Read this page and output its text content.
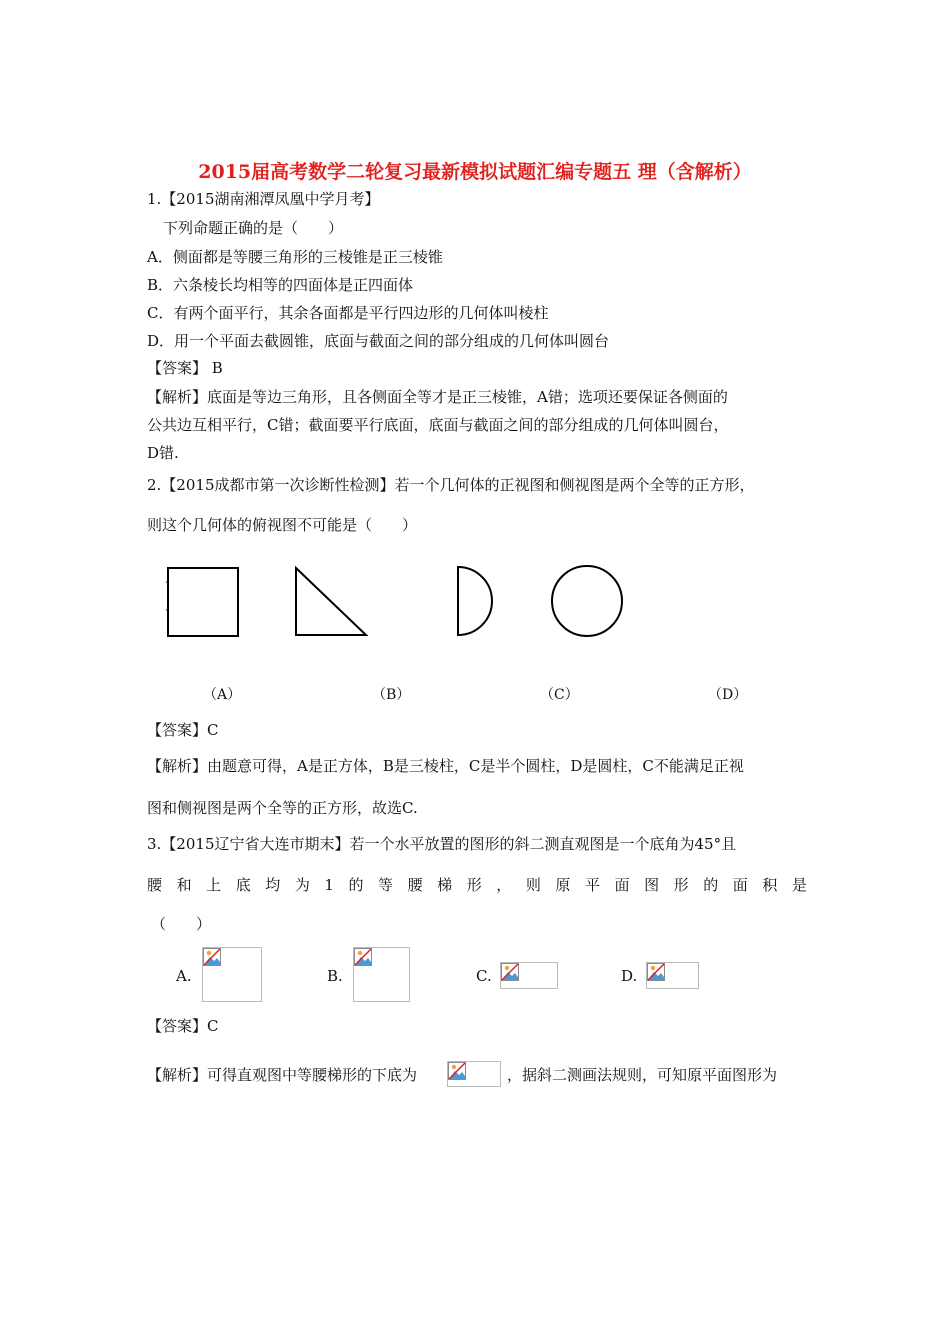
2015届高考数学二轮复习最新模拟试题汇编专题五 理（含解析）
1.【2015湖南湘潭凤凰中学月考】
下列命题正确的是（　　）
A．侧面都是等腰三角形的三棱锥是正三棱锥
B．六条棱长均相等的四面体是正四面体
C．有两个面平行，其余各面都是平行四边形的几何体叫棱柱
D．用一个平面去截圆锥，底面与截面之间的部分组成的几何体叫圆台
【答案】 B
【解析】底面是等边三角形，且各侧面全等才是正三棱锥，A错；选项还要保证各侧面的
公共边互相平行，C错；截面要平行底面，底面与截面之间的部分组成的几何体叫圆台，
D错.
2.【2015成都市第一次诊断性检测】若一个几何体的正视图和侧视图是两个全等的正方形，
则这个几何体的俯视图不可能是（　　）
（A）	（B）	（C）	（D）
【答案】C
【解析】由题意可得，A是正方体，B是三棱柱，C是半个圆柱，D是圆柱，C不能满足正视
图和侧视图是两个全等的正方形，故选C.
3.【2015辽宁省大连市期末】若一个水平放置的图形的斜二测直观图是一个底角为45°且
腰 和 上 底 均 为 1 的 等 腰 梯 形 ， 则 原 平 面 图 形 的 面 积 是
（　　）
A.	B.	C.	D.
【答案】C
【解析】可得直观图中等腰梯形的下底为	，据斜二测画法规则，可知原平面图形为
